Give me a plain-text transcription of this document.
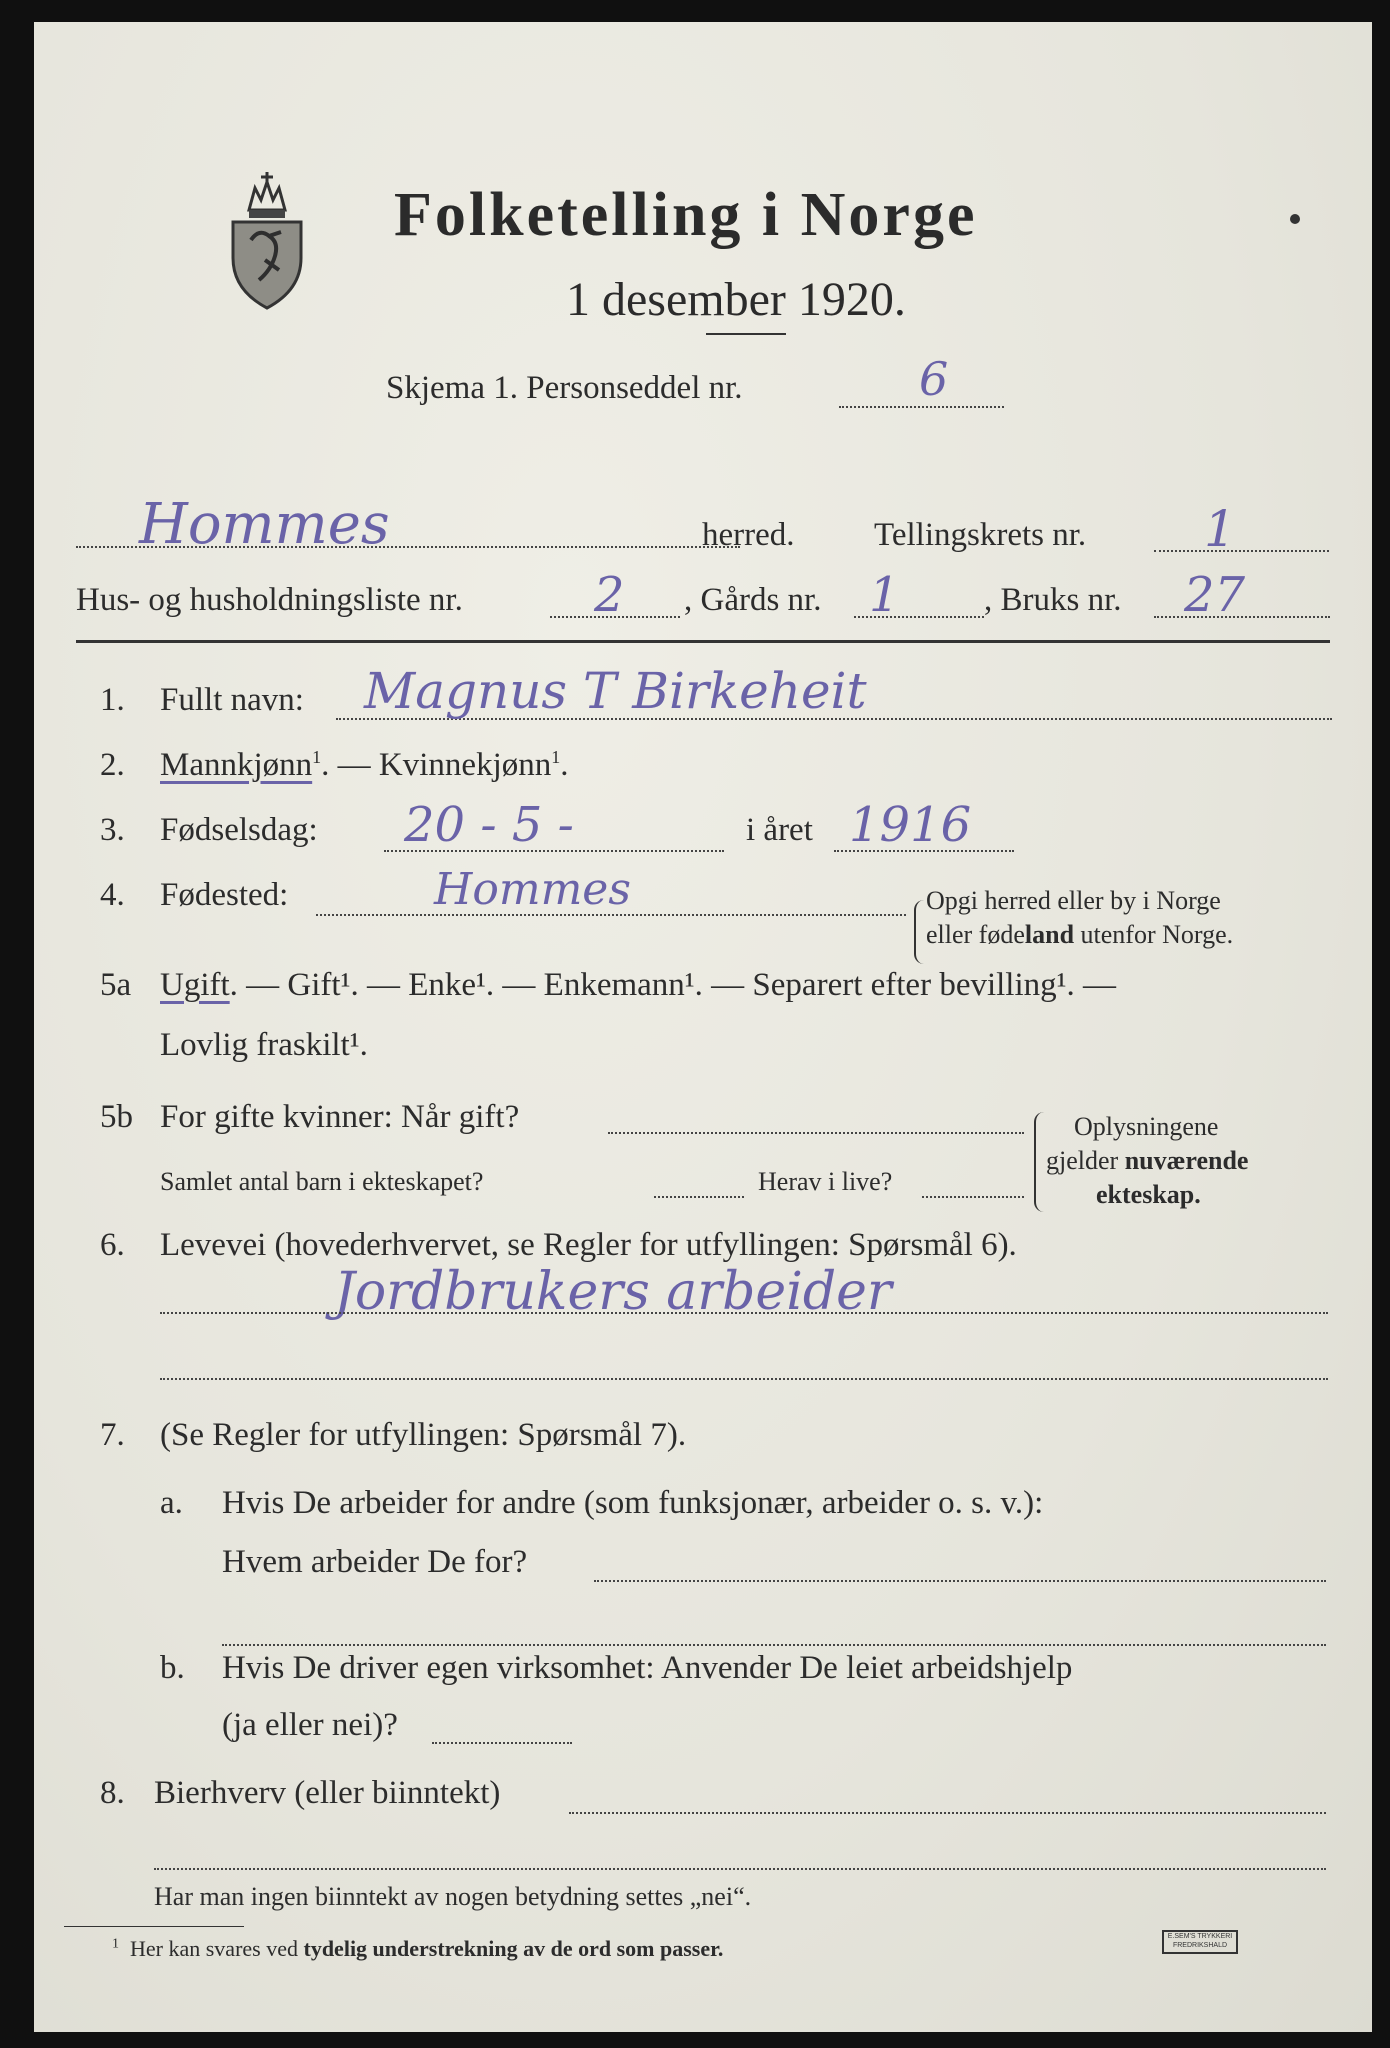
Folketelling i Norge
1 desember 1920.
Skjema 1. Personseddel nr.	6
Hommes	herred. Tellingskrets nr. 1
Hus- og husholdningsliste nr.	2 , Gårds nr. 1	, Bruks nr. 27
1. Fullt navn: Magnus T Birkeheit
2. Mannkjønn$^1$. — Kvinnekjønn$^1$.
3. Fødselsdag: 20 - 5 -	i året 1916
4. Fødested:	Hommes	Opgi herred eller by i Norge
eller fødeland utenfor Norge.
5a Ugift. — Gift¹. — Enke¹. — Enkemann¹. — Separert efter bevilling¹. —
Lovlig fraskilt¹.
5b For gifte kvinner: Når gift?
Samlet antal barn i ekteskapet?	Herav i live?
Oplysningene
gjelder nuværende
ekteskap.
6. Levevei (hovederhvervet, se Regler for utfyllingen: Spørsmål 6).
Jordbrukers arbeider
7. (Se Regler for utfyllingen: Spørsmål 7).
a. Hvis De arbeider for andre (som funksjonær, arbeider o. s. v.):
Hvem arbeider De for?
b. Hvis De driver egen virksomhet: Anvender De leiet arbeidshjelp
(ja eller nei)?
8. Bierhverv (eller biinntekt)
Har man ingen biinntekt av nogen betydning settes „nei“.
$^1$ Her kan svares ved tydelig understrekning av de ord som passer.	E.SEM'S TRYKKERI FREDRIKSHALD
